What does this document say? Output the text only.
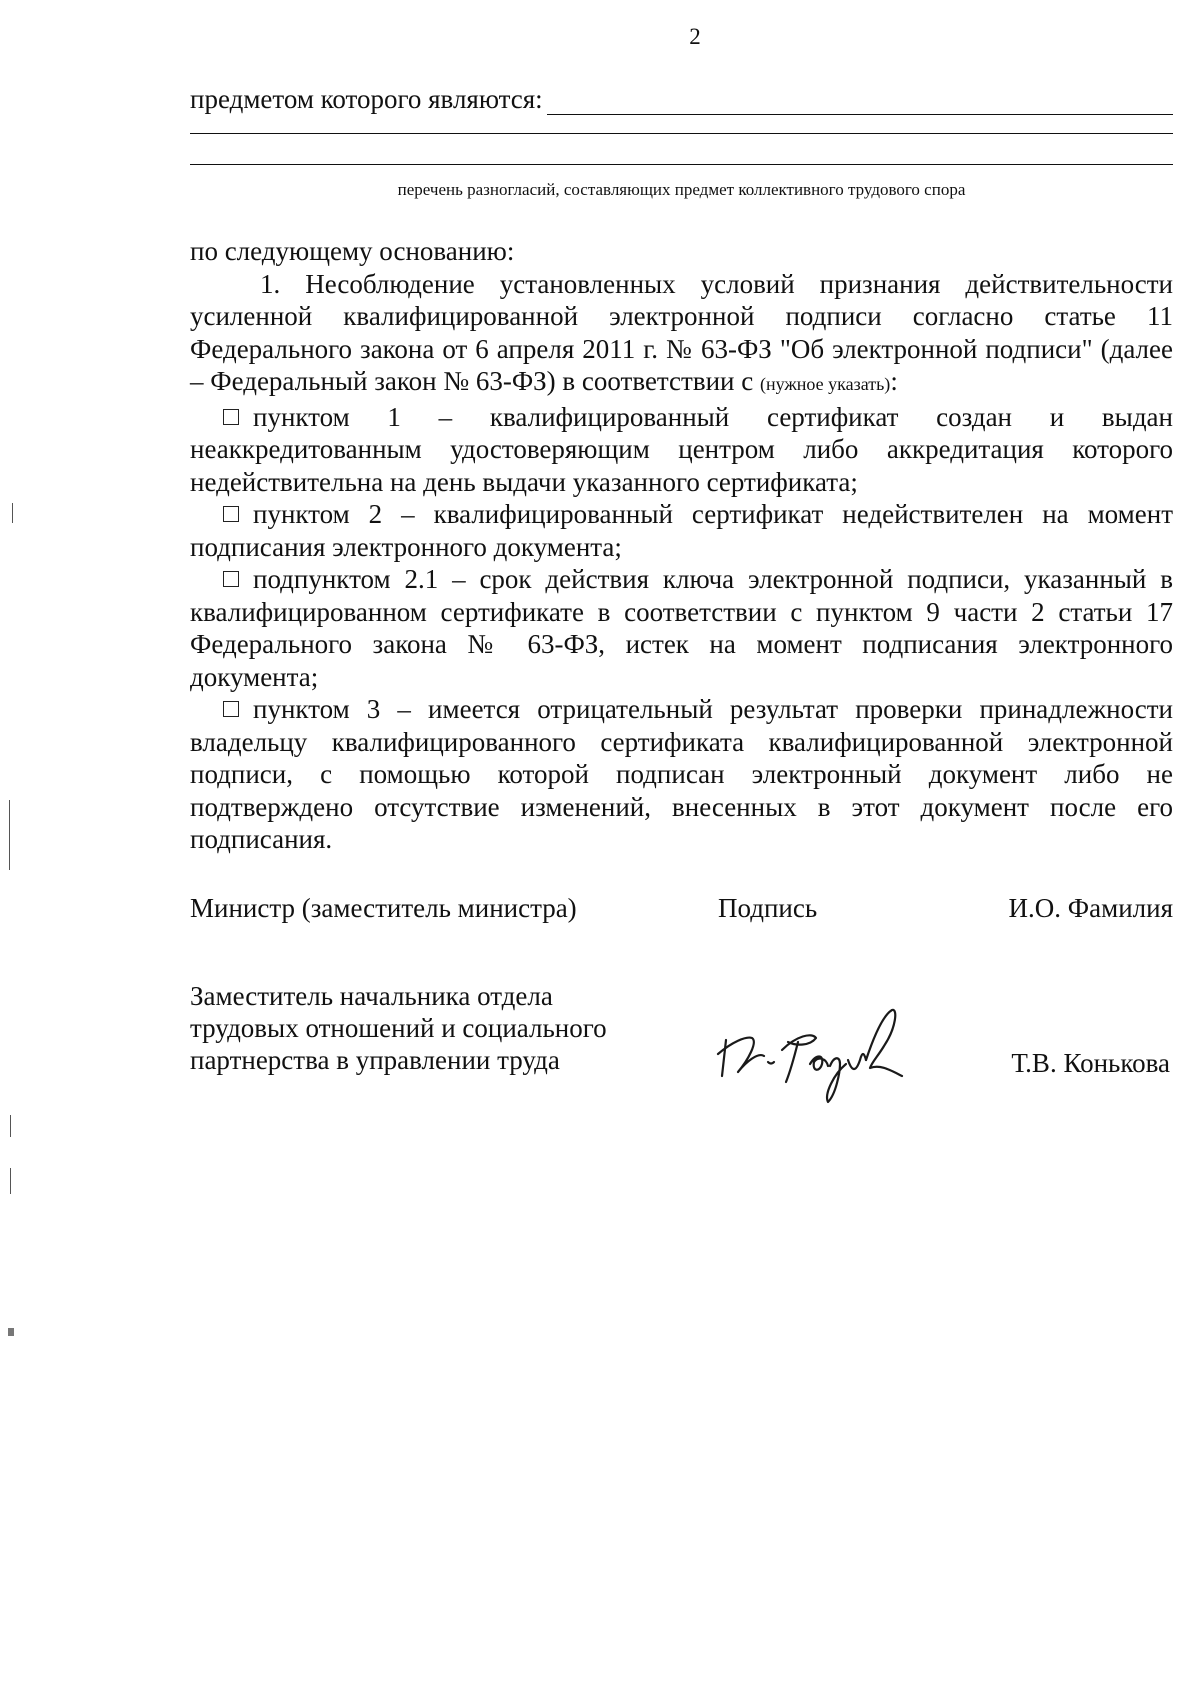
2
предметом которого являются:
перечень разногласий, составляющих предмет коллективного трудового спора

по следующему основанию:

1. Несоблюдение установленных условий признания действительности усиленной квалифицированной электронной подписи согласно статье 11 Федерального закона от 6 апреля 2011 г. № 63-ФЗ "Об электронной подписи" (далее – Федеральный закон № 63-ФЗ) в соответствии с (нужное указать):

пунктом 1 – квалифицированный сертификат создан и выдан неаккредитованным удостоверяющим центром либо аккредитация которого недействительна на день выдачи указанного сертификата;

пунктом 2 – квалифицированный сертификат недействителен на момент подписания электронного документа;

подпунктом 2.1 – срок действия ключа электронной подписи, указанный в квалифицированном сертификате в соответствии с пунктом 9 части 2 статьи 17 Федерального закона № 63-ФЗ, истек на момент подписания электронного документа;

пунктом 3 – имеется отрицательный результат проверки принадлежности владельцу квалифицированного сертификата квалифицированной электронной подписи, с помощью которой подписан электронный документ либо не подтверждено отсутствие изменений, внесенных в этот документ после его подписания.

Министр (заместитель министра)	Подпись	И.О. Фамилия
Заместитель начальника отдела
трудовых отношений и социального
партнерства в управлении труда	Т.В. Конькова
